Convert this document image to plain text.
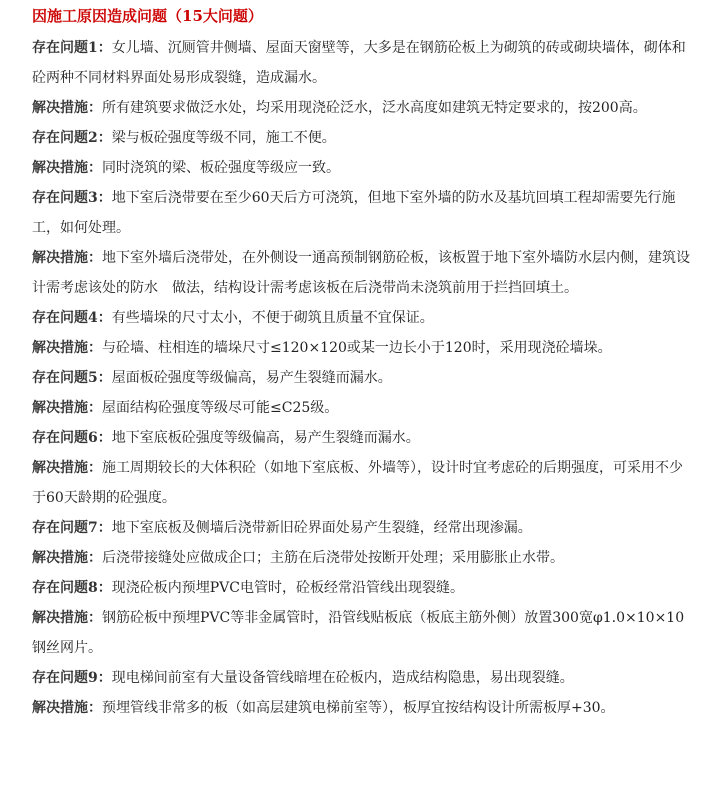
因施工原因造成问题（15大问题）

存在问题1：女儿墙、沉厕管井侧墙、屋面天窗壁等，大多是在钢筋砼板上为砌筑的砖或砌块墙体，砌体和砼两种不同材料界面处易形成裂缝，造成漏水。

解决措施：所有建筑要求做泛水处，均采用现浇砼泛水，泛水高度如建筑无特定要求的，按200高。

存在问题2：梁与板砼强度等级不同，施工不便。

解决措施：同时浇筑的梁、板砼强度等级应一致。

存在问题3：地下室后浇带要在至少60天后方可浇筑，但地下室外墙的防水及基坑回填工程却需要先行施工，如何处理。

解决措施：地下室外墙后浇带处，在外侧设一通高预制钢筋砼板，该板置于地下室外墙防水层内侧，建筑设计需考虑该处的防水　做法，结构设计需考虑该板在后浇带尚未浇筑前用于拦挡回填土。

存在问题4：有些墙垛的尺寸太小，不便于砌筑且质量不宜保证。

解决措施：与砼墙、柱相连的墙垛尺寸≤120×120或某一边长小于120时，采用现浇砼墙垛。

存在问题5：屋面板砼强度等级偏高，易产生裂缝而漏水。

解决措施：屋面结构砼强度等级尽可能≤C25级。

存在问题6：地下室底板砼强度等级偏高，易产生裂缝而漏水。

解决措施：施工周期较长的大体积砼（如地下室底板、外墙等），设计时宜考虑砼的后期强度，可采用不少于60天龄期的砼强度。

存在问题7：地下室底板及侧墙后浇带新旧砼界面处易产生裂缝，经常出现渗漏。

解决措施：后浇带接缝处应做成企口；主筋在后浇带处按断开处理；采用膨胀止水带。

存在问题8：现浇砼板内预埋PVC电管时，砼板经常沿管线出现裂缝。

解决措施：钢筋砼板中预埋PVC等非金属管时，沿管线贴板底（板底主筋外侧）放置300宽φ1.0×10×10钢丝网片。

存在问题9：现电梯间前室有大量设备管线暗埋在砼板内，造成结构隐患，易出现裂缝。

解决措施：预埋管线非常多的板（如高层建筑电梯前室等），板厚宜按结构设计所需板厚+30。
